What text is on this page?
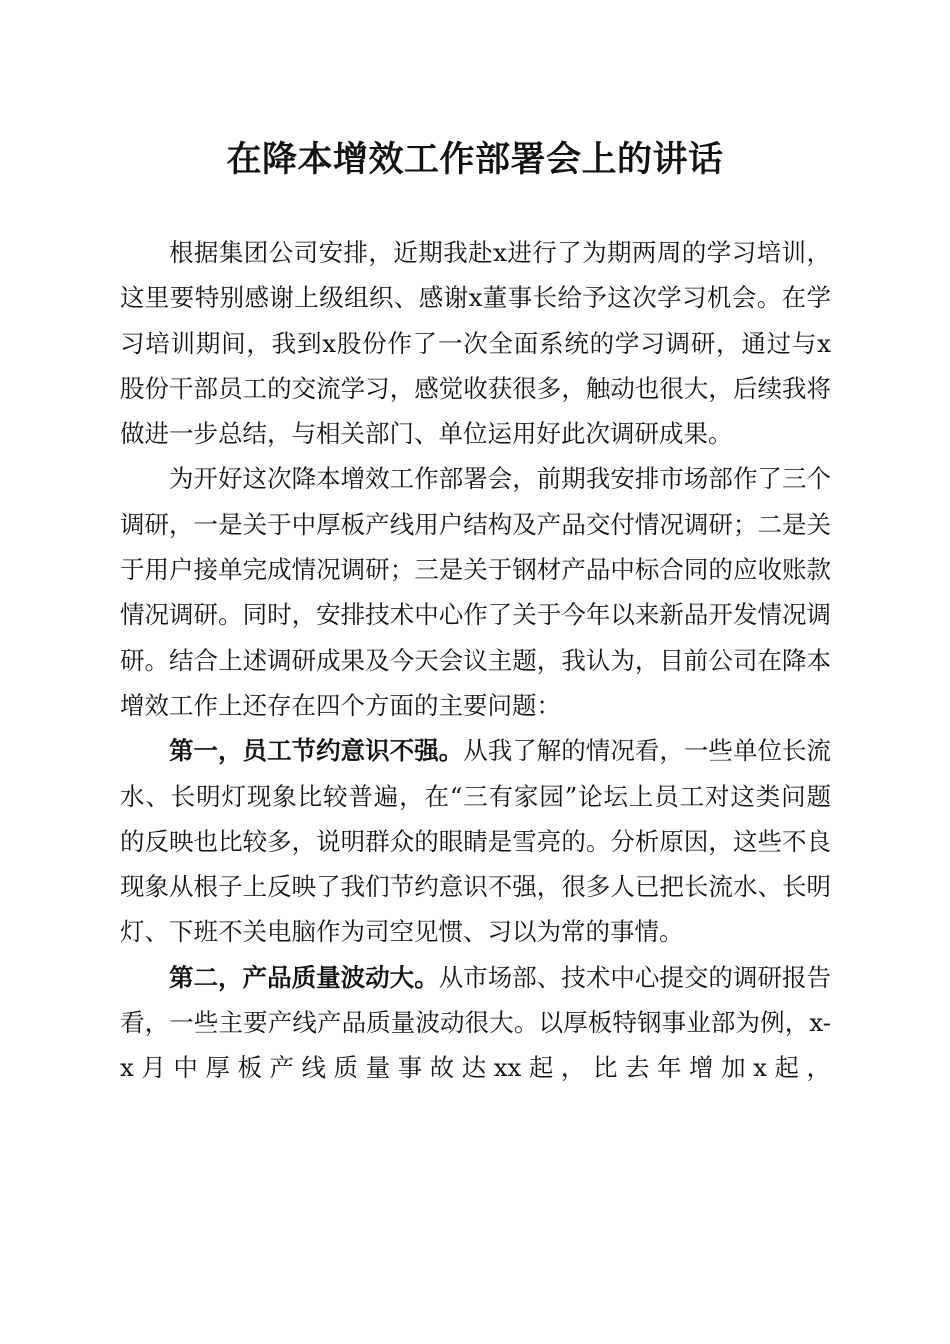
在降本增效工作部署会上的讲话

根据集团公司安排，近期我赴x进行了为期两周的学习培训，这里要特别感谢上级组织、感谢x董事长给予这次学习机会。在学习培训期间，我到x股份作了一次全面系统的学习调研，通过与x股份干部员工的交流学习，感觉收获很多，触动也很大，后续我将做进一步总结，与相关部门、单位运用好此次调研成果。

为开好这次降本增效工作部署会，前期我安排市场部作了三个调研，一是关于中厚板产线用户结构及产品交付情况调研；二是关于用户接单完成情况调研；三是关于钢材产品中标合同的应收账款情况调研。同时，安排技术中心作了关于今年以来新品开发情况调研。结合上述调研成果及今天会议主题，我认为，目前公司在降本增效工作上还存在四个方面的主要问题：

第一，员工节约意识不强。从我了解的情况看，一些单位长流水、长明灯现象比较普遍，在“三有家园”论坛上员工对这类问题的反映也比较多，说明群众的眼睛是雪亮的。分析原因，这些不良现象从根子上反映了我们节约意识不强，很多人已把长流水、长明灯、下班不关电脑作为司空见惯、习以为常的事情。

第二，产品质量波动大。从市场部、技术中心提交的调研报告看，一些主要产线产品质量波动很大。以厚板特钢事业部为例，x-x月中厚板产线质量事故达xx起，比去年增加x起，
